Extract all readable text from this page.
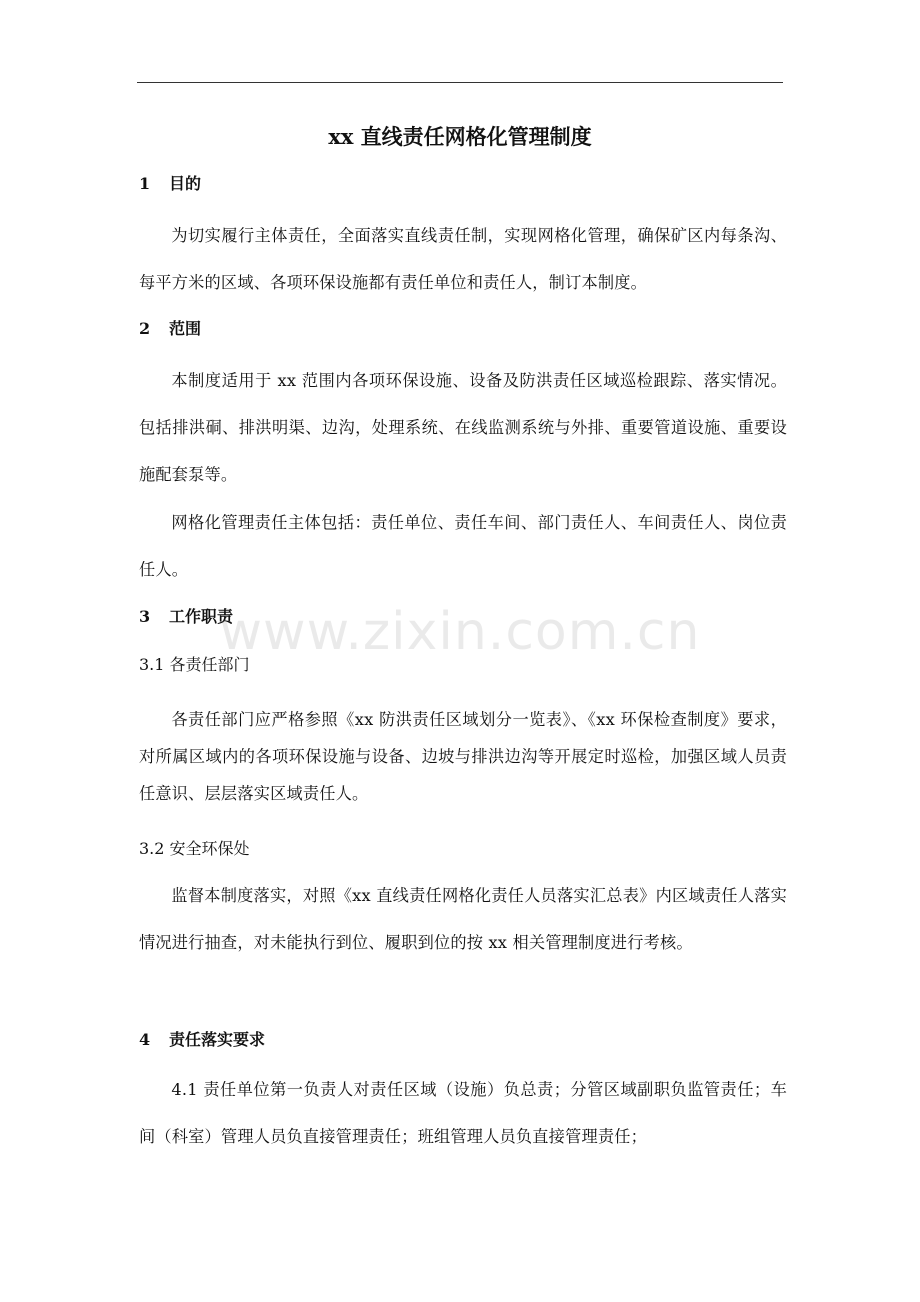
xx 直线责任网格化管理制度
1 目的
为切实履行主体责任，全面落实直线责任制，实现网格化管理，确保矿区内每条沟、每平方米的区域、各项环保设施都有责任单位和责任人，制订本制度。
2 范围
本制度适用于 xx 范围内各项环保设施、设备及防洪责任区域巡检跟踪、落实情况。包括排洪硐、排洪明渠、边沟，处理系统、在线监测系统与外排、重要管道设施、重要设施配套泵等。
网格化管理责任主体包括：责任单位、责任车间、部门责任人、车间责任人、岗位责任人。
3 工作职责
3.1 各责任部门
各责任部门应严格参照《xx 防洪责任区域划分一览表》、《xx 环保检查制度》要求，对所属区域内的各项环保设施与设备、边坡与排洪边沟等开展定时巡检，加强区域人员责任意识、层层落实区域责任人。
3.2 安全环保处
监督本制度落实，对照《xx 直线责任网格化责任人员落实汇总表》内区域责任人落实情况进行抽查，对未能执行到位、履职到位的按 xx 相关管理制度进行考核。
4 责任落实要求
4.1 责任单位第一负责人对责任区域（设施）负总责；分管区域副职负监管责任；车间（科室）管理人员负直接管理责任；班组管理人员负直接管理责任；
www.zixin.com.cn
